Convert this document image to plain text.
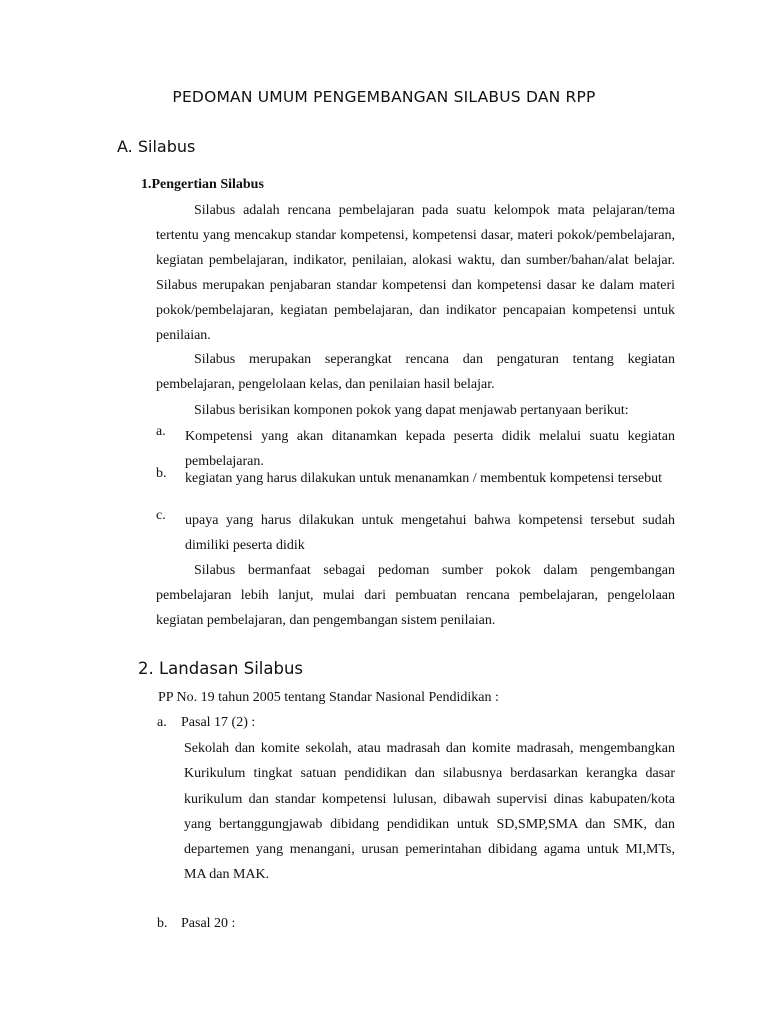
PEDOMAN UMUM PENGEMBANGAN SILABUS DAN RPP
A. Silabus
1.Pengertian Silabus

Silabus adalah rencana pembelajaran pada suatu kelompok mata pelajaran/tema tertentu yang mencakup standar kompetensi, kompetensi dasar, materi pokok/pembelajaran, kegiatan pembelajaran, indikator, penilaian, alokasi waktu, dan sumber/bahan/alat belajar. Silabus merupakan penjabaran standar kompetensi dan kompetensi dasar ke dalam materi pokok/pembelajaran, kegiatan pembelajaran, dan indikator pencapaian kompetensi untuk penilaian.

Silabus merupakan seperangkat rencana dan pengaturan tentang kegiatan pembelajaran, pengelolaan kelas, dan penilaian hasil belajar.

Silabus berisikan komponen pokok yang dapat menjawab pertanyaan berikut:

a. Kompetensi yang akan ditanamkan kepada peserta didik melalui suatu kegiatan pembelajaran.
b. kegiatan yang harus dilakukan untuk menanamkan / membentuk kompetensi tersebut
c. upaya yang harus dilakukan untuk mengetahui bahwa kompetensi tersebut sudah dimiliki peserta didik

Silabus bermanfaat sebagai pedoman sumber pokok dalam pengembangan pembelajaran lebih lanjut, mulai dari pembuatan rencana pembelajaran, pengelolaan kegiatan pembelajaran, dan pengembangan sistem penilaian.

2. Landasan Silabus
PP No. 19 tahun 2005 tentang Standar Nasional Pendidikan :
a. Pasal 17 (2) :

Sekolah dan komite sekolah, atau madrasah dan komite madrasah, mengembangkan Kurikulum tingkat satuan pendidikan dan silabusnya berdasarkan kerangka dasar kurikulum dan standar kompetensi lulusan, dibawah supervisi dinas kabupaten/kota yang bertanggungjawab dibidang pendidikan untuk SD,SMP,SMA dan SMK, dan departemen yang menangani, urusan pemerintahan dibidang agama untuk MI,MTs, MA dan MAK.

b. Pasal 20 :
